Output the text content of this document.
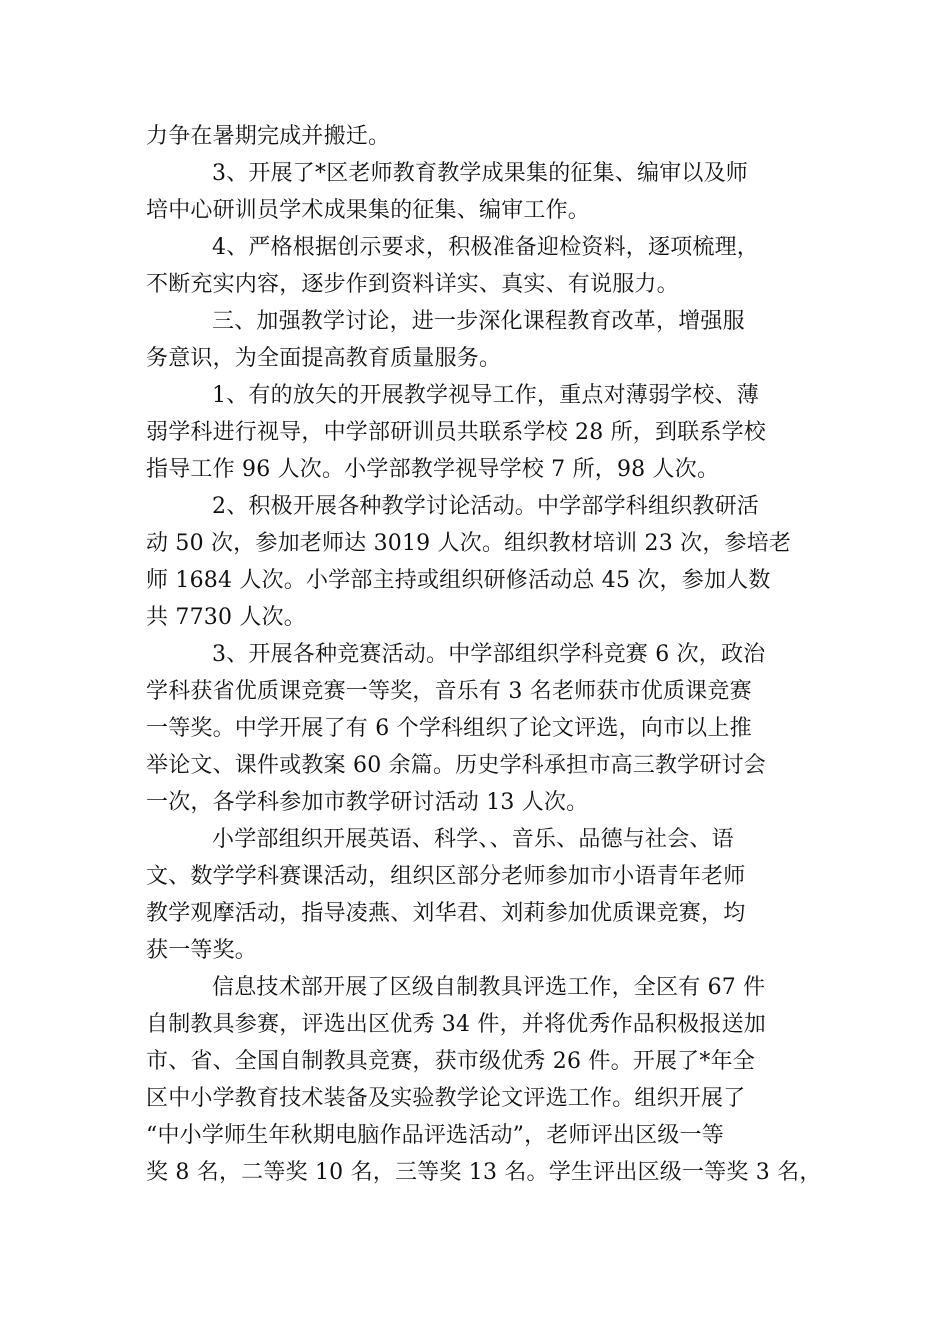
力争在暑期完成并搬迁。
3、开展了*区老师教育教学成果集的征集、编审以及师
培中心研训员学术成果集的征集、编审工作。
4、严格根据创示要求，积极准备迎检资料，逐项梳理，
不断充实内容，逐步作到资料详实、真实、有说服力。
三、加强教学讨论，进一步深化课程教育改革，增强服
务意识，为全面提高教育质量服务。
1、有的放矢的开展教学视导工作，重点对薄弱学校、薄
弱学科进行视导，中学部研训员共联系学校 28 所，到联系学校
指导工作 96 人次。小学部教学视导学校 7 所，98 人次。
2、积极开展各种教学讨论活动。中学部学科组织教研活
动 50 次，参加老师达 3019 人次。组织教材培训 23 次，参培老
师 1684 人次。小学部主持或组织研修活动总 45 次，参加人数
共 7730 人次。
3、开展各种竞赛活动。中学部组织学科竞赛 6 次，政治
学科获省优质课竞赛一等奖，音乐有 3 名老师获市优质课竞赛
一等奖。中学开展了有 6 个学科组织了论文评选，向市以上推
举论文、课件或教案 60 余篇。历史学科承担市高三教学研讨会
一次，各学科参加市教学研讨活动 13 人次。
小学部组织开展英语、科学、、音乐、品德与社会、语
文、数学学科赛课活动，组织区部分老师参加市小语青年老师
教学观摩活动，指导凌燕、刘华君、刘莉参加优质课竞赛，均
获一等奖。
信息技术部开展了区级自制教具评选工作，全区有 67 件
自制教具参赛，评选出区优秀 34 件，并将优秀作品积极报送加
市、省、全国自制教具竞赛，获市级优秀 26 件。开展了*年全
区中小学教育技术装备及实验教学论文评选工作。组织开展了
“中小学师生年秋期电脑作品评选活动”，老师评出区级一等
奖 8 名，二等奖 10 名，三等奖 13 名。学生评出区级一等奖 3 名，
